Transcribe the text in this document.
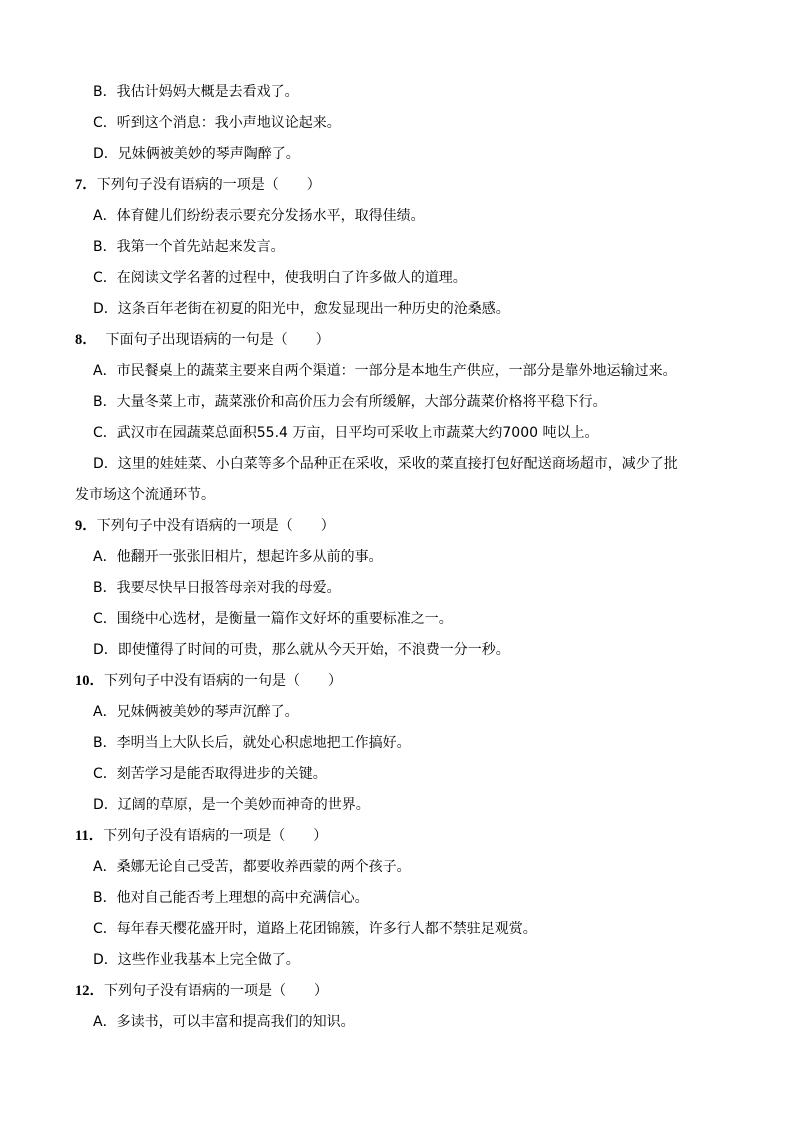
B．我估计妈妈大概是去看戏了。
C．听到这个消息：我小声地议论起来。
D．兄妹俩被美妙的琴声陶醉了。
7．下列句子没有语病的一项是（　　）
A．体育健儿们纷纷表示要充分发扬水平，取得佳绩。
B．我第一个首先站起来发言。
C．在阅读文学名著的过程中，使我明白了许多做人的道理。
D．这条百年老街在初夏的阳光中，愈发显现出一种历史的沧桑感。
8．  下面句子出现语病的一句是（　　）
A．市民餐桌上的蔬菜主要来自两个渠道：一部分是本地生产供应，一部分是靠外地运输过来。
B．大量冬菜上市，蔬菜涨价和高价压力会有所缓解，大部分蔬菜价格将平稳下行。
C．武汉市在园蔬菜总面积55.4 万亩，日平均可采收上市蔬菜大约7000 吨以上。
D．这里的娃娃菜、小白菜等多个品种正在采收，采收的菜直接打包好配送商场超市，减少了批
发市场这个流通环节。
9．下列句子中没有语病的一项是（　　）
A．他翻开一张张旧相片，想起许多从前的事。
B．我要尽快早日报答母亲对我的母爱。
C．围绕中心选材，是衡量一篇作文好坏的重要标准之一。
D．即使懂得了时间的可贵，那么就从今天开始，不浪费一分一秒。
10．下列句子中没有语病的一句是（　　）
A．兄妹俩被美妙的琴声沉醉了。
B．李明当上大队长后，就处心积虑地把工作搞好。
C．刻苦学习是能否取得进步的关键。
D．辽阔的草原，是一个美妙而神奇的世界。
11．下列句子没有语病的一项是（　　）
A．桑娜无论自己受苦，都要收养西蒙的两个孩子。
B．他对自己能否考上理想的高中充满信心。
C．每年春天樱花盛开时，道路上花团锦簇，许多行人都不禁驻足观赏。
D．这些作业我基本上完全做了。
12．下列句子没有语病的一项是（　　）
A．多读书，可以丰富和提高我们的知识。
